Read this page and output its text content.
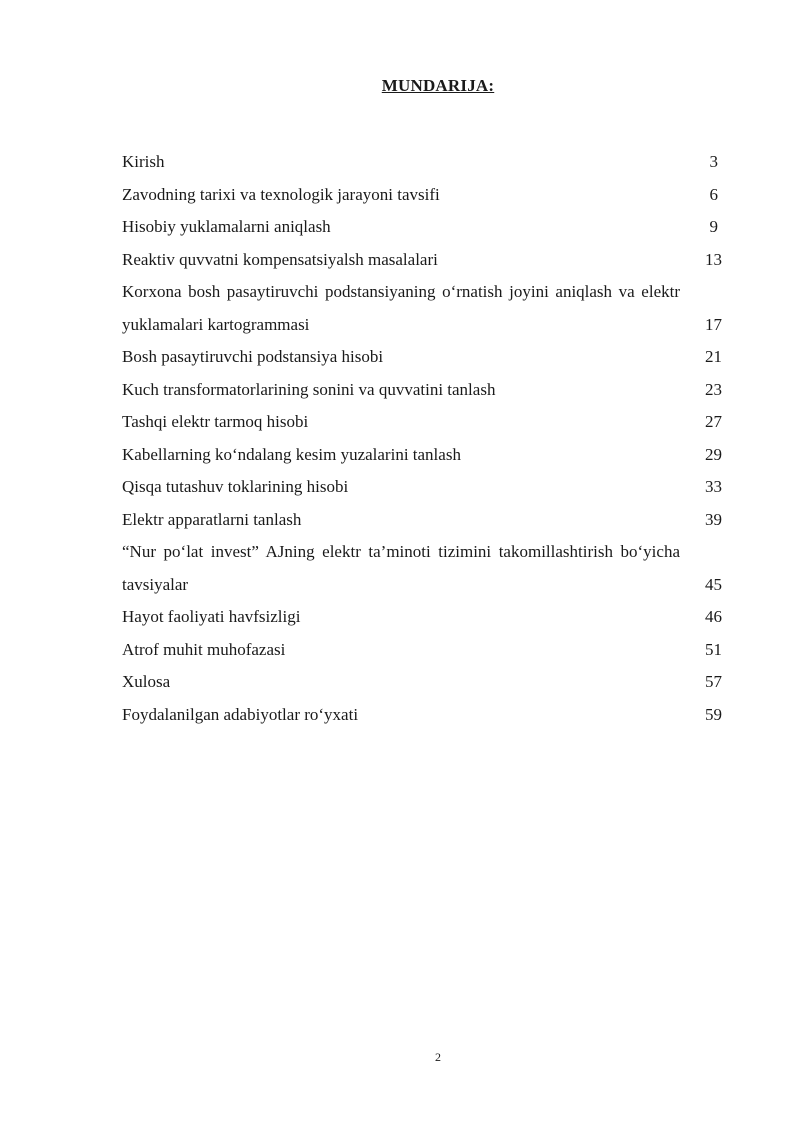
MUNDARIJA:
Kirish	3
Zavodning tarixi va texnologik jarayoni tavsifi	6
Hisobiy yuklamalarni aniqlash	9
Reaktiv quvvatni kompensatsiyalsh masalalari	13
Korxona bosh pasaytiruvchi podstansiyaning o‘rnatish joyini aniqlash va elektr yuklamalari kartogrammasi	17
Bosh pasaytiruvchi podstansiya hisobi	21
Kuch transformatorlarining sonini va quvvatini tanlash	23
Tashqi elektr tarmoq hisobi	27
Kabellarning ko‘ndalang kesim yuzalarini tanlash	29
Qisqa tutashuv toklarining hisobi	33
Elektr apparatlarni tanlash	39
“Nur po‘lat invest” AJning elektr ta’minoti tizimini takomillashtirish bo‘yicha tavsiyalar	45
Hayot faoliyati havfsizligi	46
Atrof muhit muhofazasi	51
Xulosa	57
Foydalanilgan adabiyotlar ro‘yxati	59
2
